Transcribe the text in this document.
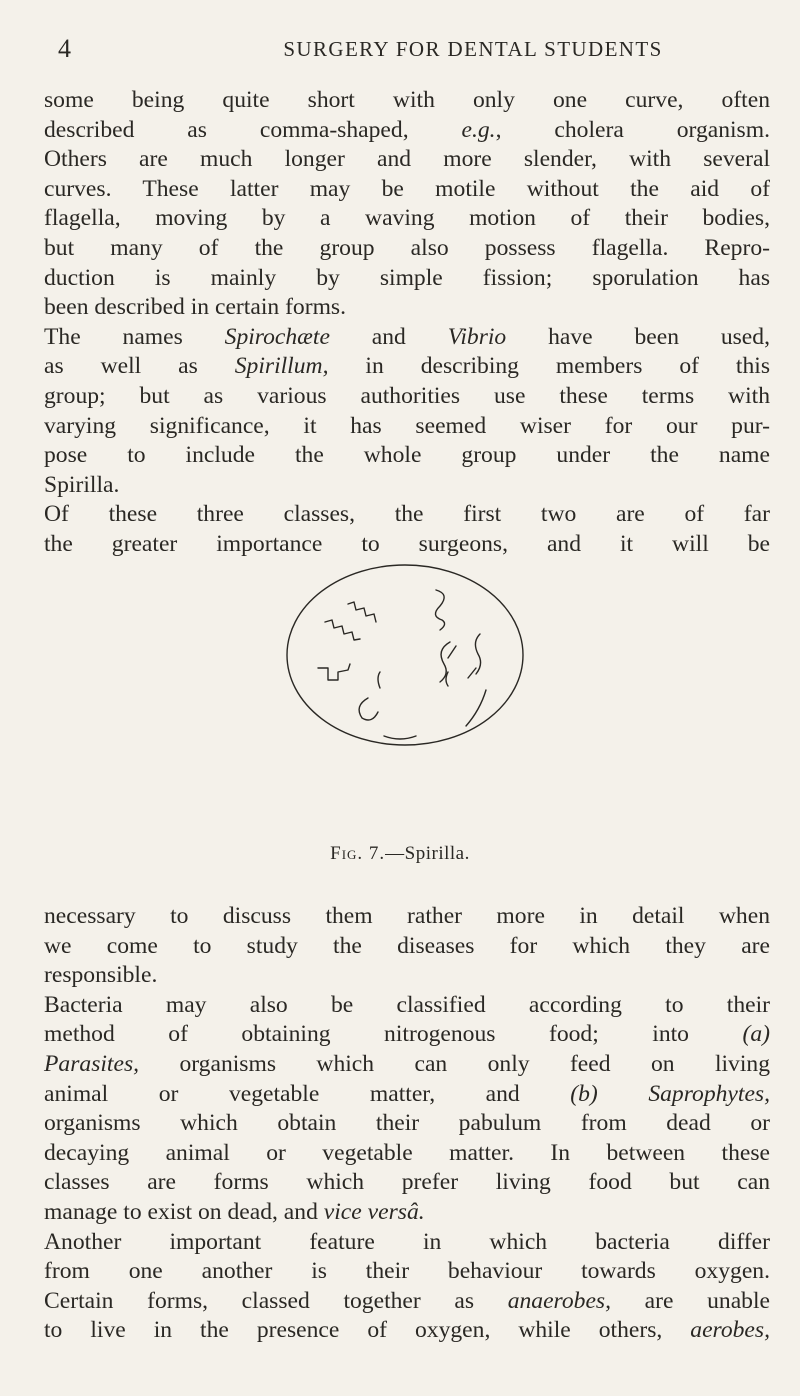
4	SURGERY FOR DENTAL STUDENTS

some being quite short with only one curve, often

described as comma-shaped, e.g., cholera organism.

Others are much longer and more slender, with several

curves. These latter may be motile without the aid of

flagella, moving by a waving motion of their bodies,

but many of the group also possess flagella. Repro-

duction is mainly by simple fission; sporulation has

been described in certain forms.

The names Spirochæte and Vibrio have been used,

as well as Spirillum, in describing members of this

group; but as various authorities use these terms with

varying significance, it has seemed wiser for our pur-

pose to include the whole group under the name

Spirilla.

Of these three classes, the first two are of far

the greater importance to surgeons, and it will be

Fig. 7.—Spirilla.

necessary to discuss them rather more in detail when

we come to study the diseases for which they are

responsible.

Bacteria may also be classified according to their

method of obtaining nitrogenous food; into (a)

Parasites, organisms which can only feed on living

animal or vegetable matter, and (b) Saprophytes,

organisms which obtain their pabulum from dead or

decaying animal or vegetable matter. In between these

classes are forms which prefer living food but can

manage to exist on dead, and vice versâ.

Another important feature in which bacteria differ

from one another is their behaviour towards oxygen.

Certain forms, classed together as anaerobes, are unable

to live in the presence of oxygen, while others, aerobes,
